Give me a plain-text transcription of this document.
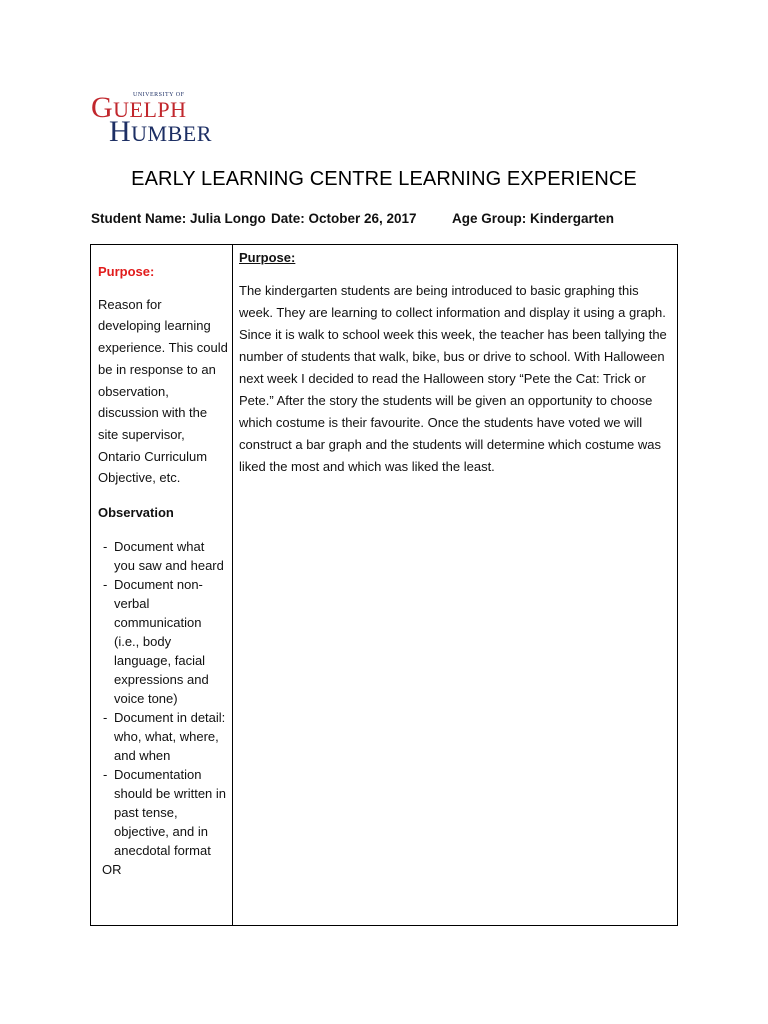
UNIVERSITY OF
GUELPH
HUMBER
EARLY LEARNING CENTRE LEARNING EXPERIENCE
Student Name: Julia Longo Date: October 26, 2017	Age Group: Kindergarten

Purpose:

Reason for developing learning experience. This could be in response to an observation, discussion with the site supervisor, Ontario Curriculum Objective, etc.

Observation

- Document what you saw and heard
- Document non-verbal communication (i.e., body language, facial expressions and voice tone)
- Document in detail: who, what, where, and when
- Documentation should be written in past tense, objective, and in anecdotal format
OR

Purpose:

The kindergarten students are being introduced to basic graphing this week. They are learning to collect information and display it using a graph. Since it is walk to school week this week, the teacher has been tallying the number of students that walk, bike, bus or drive to school. With Halloween next week I decided to read the Halloween story “Pete the Cat: Trick or Pete.” After the story the students will be given an opportunity to choose which costume is their favourite. Once the students have voted we will construct a bar graph and the students will determine which costume was liked the most and which was liked the least.
